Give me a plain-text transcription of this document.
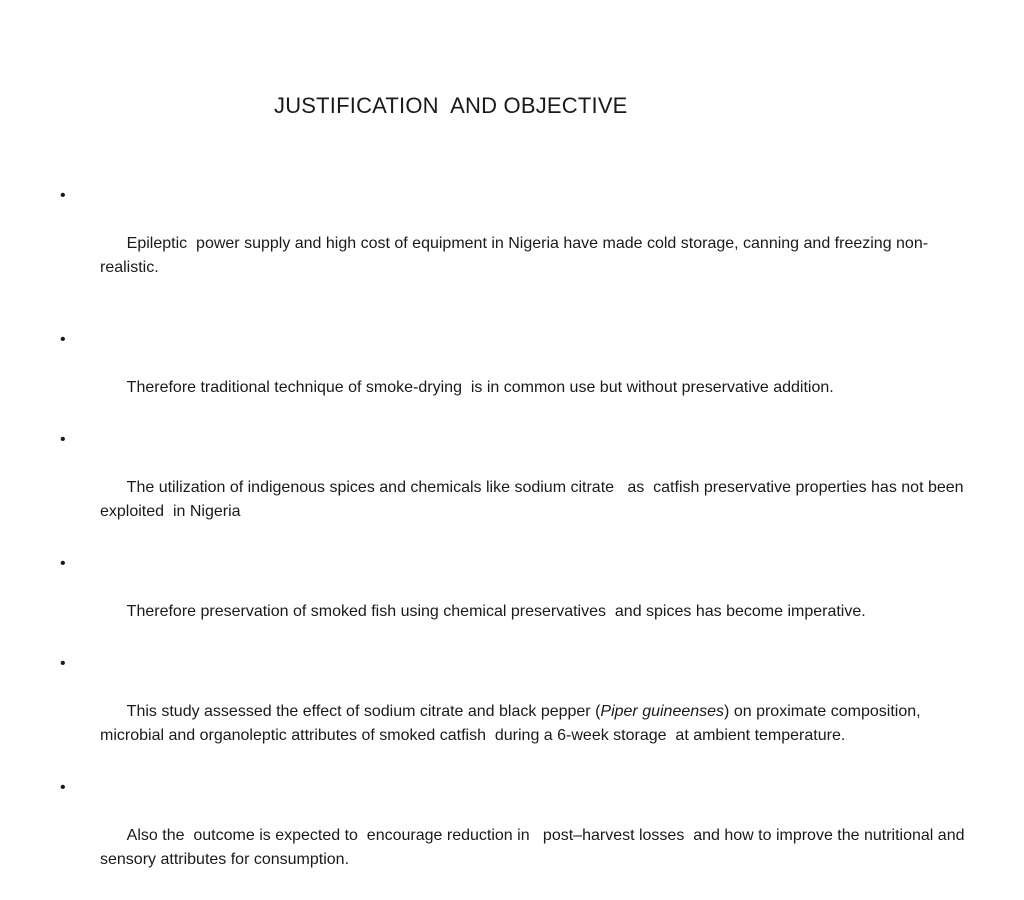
JUSTIFICATION  AND OBJECTIVE

•

Epileptic  power supply and high cost of equipment in Nigeria have made cold storage, canning and freezing non-realistic.

•

Therefore traditional technique of smoke-drying  is in common use but without preservative addition.

•

The utilization of indigenous spices and chemicals like sodium citrate   as  catfish preservative properties has not been   exploited  in Nigeria

•

Therefore preservation of smoked fish using chemical preservatives  and spices has become imperative.

•

This study assessed the effect of sodium citrate and black pepper (Piper guineenses) on proximate composition, microbial and organoleptic attributes of smoked catfish  during a 6-week storage  at ambient temperature.

•

Also the  outcome is expected to  encourage reduction in   post–harvest losses  and how to improve the nutritional and sensory attributes for consumption.
